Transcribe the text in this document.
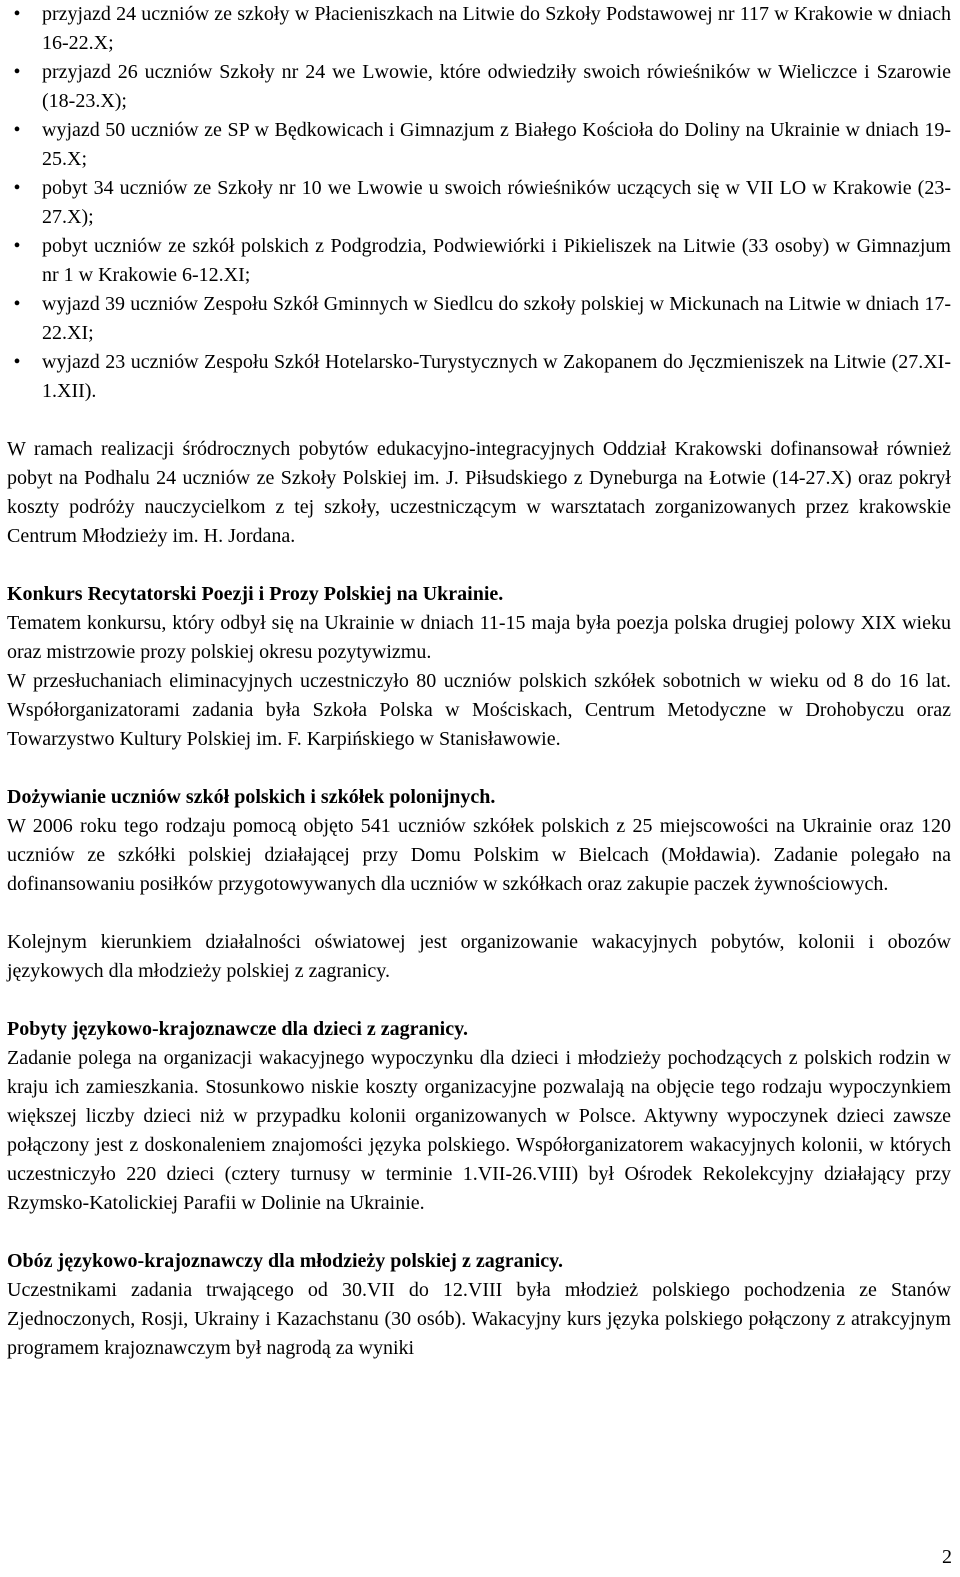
•	przyjazd 24 uczniów ze szkoły w Płacieniszkach na Litwie do Szkoły Podstawowej nr 117 w Krakowie w dniach 16-22.X;
•	przyjazd 26 uczniów Szkoły nr 24 we Lwowie, które odwiedziły swoich rówieśników w Wieliczce i Szarowie (18-23.X);
•	wyjazd 50 uczniów ze SP w Będkowicach i Gimnazjum z Białego Kościoła do Doliny na Ukrainie w dniach 19-25.X;
•	pobyt 34 uczniów ze Szkoły nr 10 we Lwowie u swoich rówieśników uczących się w VII LO w Krakowie (23-27.X);
•	pobyt uczniów ze szkół polskich z Podgrodzia, Podwiewiórki i Pikieliszek na Litwie (33 osoby) w Gimnazjum nr 1 w Krakowie 6-12.XI;
•	wyjazd 39 uczniów Zespołu Szkół Gminnych w Siedlcu do szkoły polskiej w Mickunach na Litwie w dniach 17-22.XI;
•	wyjazd 23 uczniów Zespołu Szkół Hotelarsko-Turystycznych w Zakopanem do Jęczmieniszek na Litwie (27.XI-1.XII).

W ramach realizacji śródrocznych pobytów edukacyjno-integracyjnych Oddział Krakowski dofinansował również pobyt na Podhalu 24 uczniów ze Szkoły Polskiej im. J. Piłsudskiego z Dyneburga na Łotwie (14-27.X) oraz pokrył koszty podróży nauczycielkom z tej szkoły, uczestniczącym w warsztatach zorganizowanych przez krakowskie Centrum Młodzieży im. H. Jordana.

Konkurs Recytatorski Poezji i Prozy Polskiej na Ukrainie.

Tematem konkursu, który odbył się na Ukrainie w dniach 11-15 maja była poezja polska drugiej polowy XIX wieku oraz mistrzowie prozy polskiej okresu pozytywizmu.

W przesłuchaniach eliminacyjnych uczestniczyło 80 uczniów polskich szkółek sobotnich w wieku od 8 do 16 lat. Współorganizatorami zadania była Szkoła Polska w Mościskach, Centrum Metodyczne w Drohobyczu oraz Towarzystwo Kultury Polskiej im. F. Karpińskiego w Stanisławowie.

Dożywianie uczniów szkół polskich i szkółek polonijnych.

W 2006 roku tego rodzaju pomocą objęto 541 uczniów szkółek polskich z 25 miejscowości na Ukrainie oraz 120 uczniów ze szkółki polskiej działającej przy Domu Polskim w Bielcach (Mołdawia). Zadanie polegało na dofinansowaniu posiłków przygotowywanych dla uczniów w szkółkach oraz zakupie paczek żywnościowych.

Kolejnym kierunkiem działalności oświatowej jest organizowanie wakacyjnych pobytów, kolonii i obozów językowych dla młodzieży polskiej z zagranicy.

Pobyty językowo-krajoznawcze dla dzieci z zagranicy.

Zadanie polega na organizacji wakacyjnego wypoczynku dla dzieci i młodzieży pochodzących z polskich rodzin w kraju ich zamieszkania. Stosunkowo niskie koszty organizacyjne pozwalają na objęcie tego rodzaju wypoczynkiem większej liczby dzieci niż w przypadku kolonii organizowanych w Polsce. Aktywny wypoczynek dzieci zawsze połączony jest z doskonaleniem znajomości języka polskiego. Współorganizatorem wakacyjnych kolonii, w których uczestniczyło 220 dzieci (cztery turnusy w terminie 1.VII-26.VIII) był Ośrodek Rekolekcyjny działający przy Rzymsko-Katolickiej Parafii w Dolinie na Ukrainie.

Obóz językowo-krajoznawczy dla młodzieży polskiej z zagranicy.

Uczestnikami zadania trwającego od 30.VII do 12.VIII była młodzież polskiego pochodzenia ze Stanów Zjednoczonych, Rosji, Ukrainy i Kazachstanu (30 osób). Wakacyjny kurs języka polskiego połączony z atrakcyjnym programem krajoznawczym był nagrodą za wyniki

2
